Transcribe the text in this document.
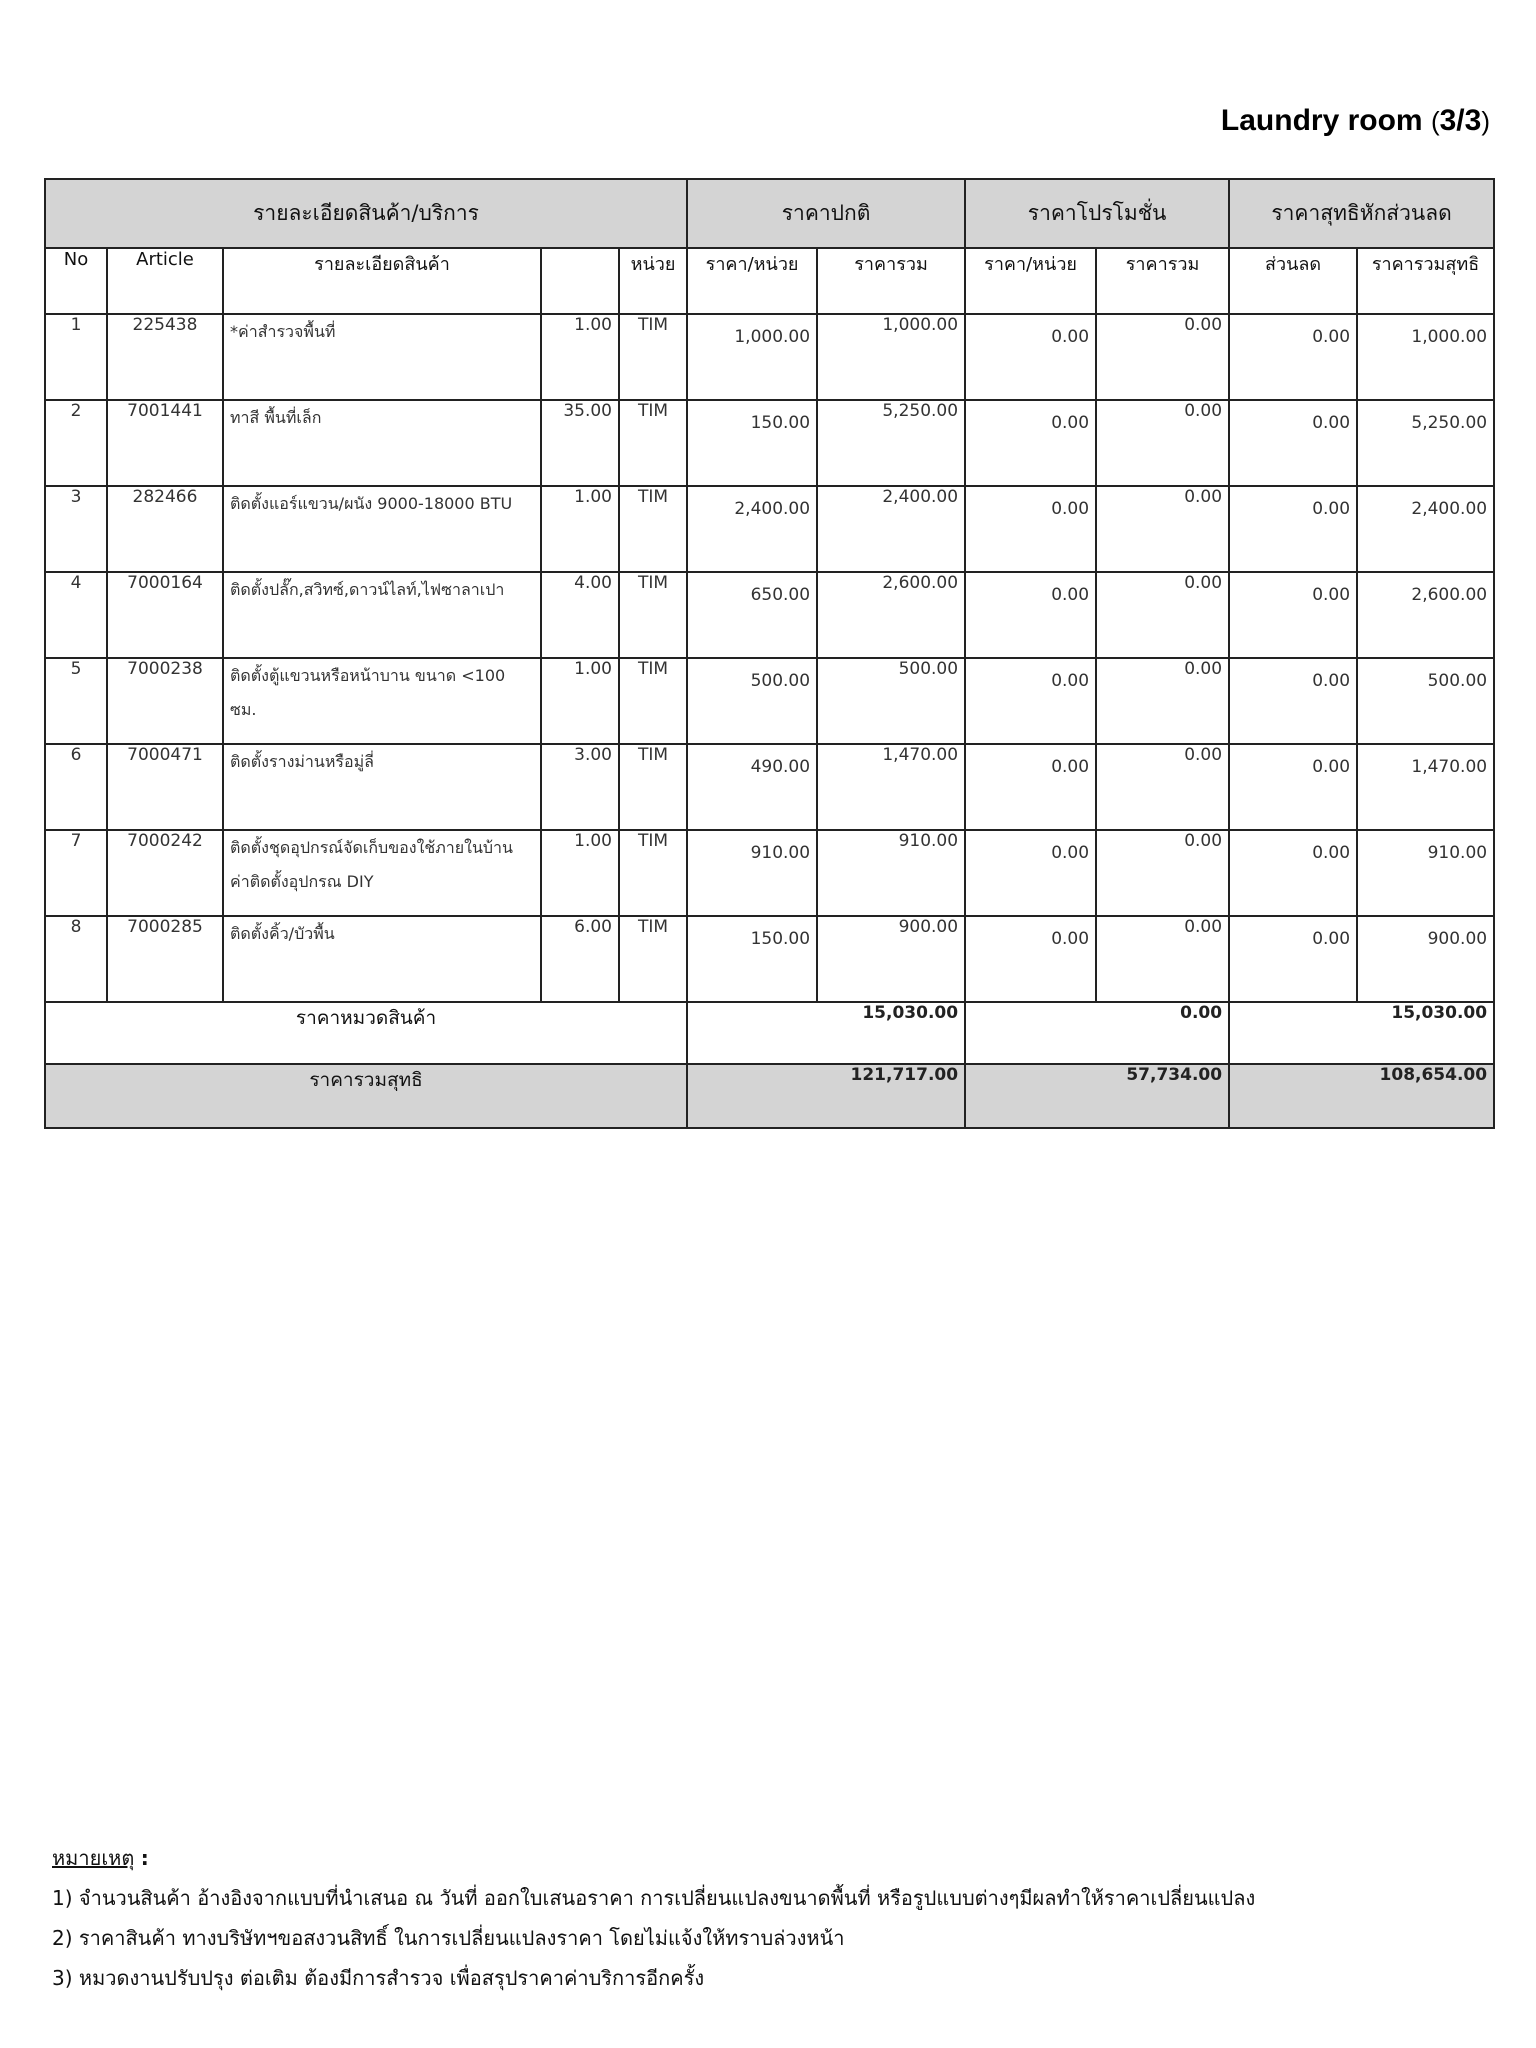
Laundry room (3/3)
รายละเอียดสินค้า/บริการ					ราคาปกติ		ราคาโปรโมชั่น		ราคาสุทธิหักส่วนลด	
No	Article	รายละเอียดสินค้า		หน่วย	ราคา/หน่วย	ราคารวม	ราคา/หน่วย	ราคารวม	ส่วนลด	ราคารวมสุทธิ
1	225438	*ค่าสำรวจพื้นที่	1.00	TIM	1,000.00	1,000.00	0.00	0.00	0.00	1,000.00
2	7001441	ทาสี พื้นที่เล็ก	35.00	TIM	150.00	5,250.00	0.00	0.00	0.00	5,250.00
3	282466	ติดตั้งแอร์แขวน/ผนัง 9000-18000 BTU	1.00	TIM	2,400.00	2,400.00	0.00	0.00	0.00	2,400.00
4	7000164	ติดตั้งปลั๊ก,สวิทซ์,ดาวน์ไลท์,ไฟซาลาเปา	4.00	TIM	650.00	2,600.00	0.00	0.00	0.00	2,600.00
5	7000238	ติดตั้งตู้แขวนหรือหน้าบาน ขนาด <100 ซม.	1.00	TIM	500.00	500.00	0.00	0.00	0.00	500.00
6	7000471	ติดตั้งรางม่านหรือมู่ลี่	3.00	TIM	490.00	1,470.00	0.00	0.00	0.00	1,470.00
7	7000242	ติดตั้งชุดอุปกรณ์จัดเก็บของใช้ภายในบ้าน ค่าติดตั้งอุปกรณ DIY	1.00	TIM	910.00	910.00	0.00	0.00	0.00	910.00
8	7000285	ติดตั้งคิ้ว/บัวพื้น	6.00	TIM	150.00	900.00	0.00	0.00	0.00	900.00
ราคาหมวดสินค้า					15,030.00		0.00		15,030.00	
ราคารวมสุทธิ					121,717.00		57,734.00		108,654.00	
หมายเหตุ :
1) จำนวนสินค้า อ้างอิงจากแบบที่นำเสนอ ณ วันที่ ออกใบเสนอราคา การเปลี่ยนแปลงขนาดพื้นที่ หรือรูปแบบต่างๆมีผลทำให้ราคาเปลี่ยนแปลง
2) ราคาสินค้า ทางบริษัทฯขอสงวนสิทธิ์ ในการเปลี่ยนแปลงราคา โดยไม่แจ้งให้ทราบล่วงหน้า
3) หมวดงานปรับปรุง ต่อเติม ต้องมีการสำรวจ เพื่อสรุปราคาค่าบริการอีกครั้ง
